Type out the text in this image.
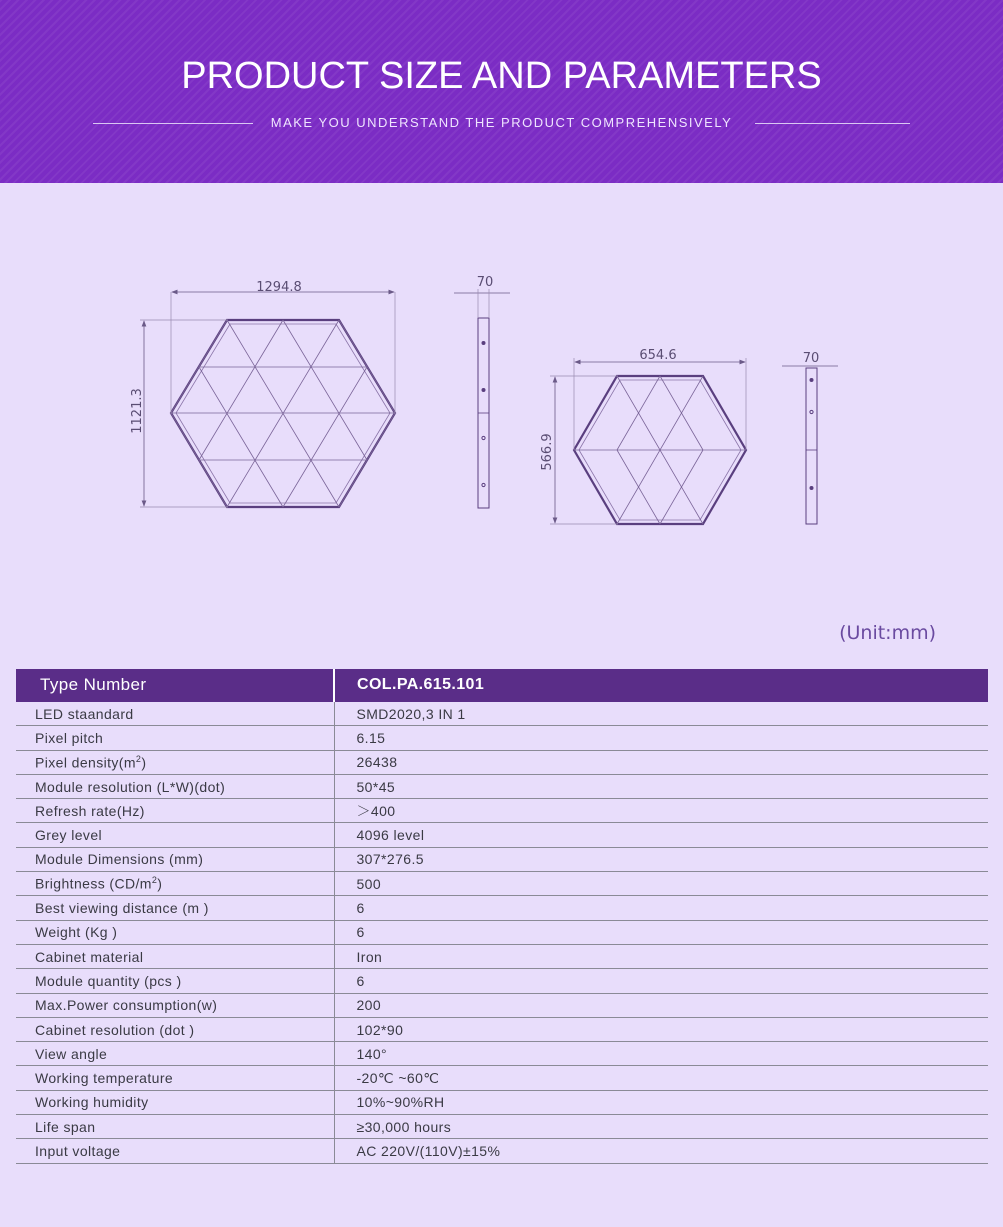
PRODUCT SIZE AND PARAMETERS
MAKE YOU UNDERSTAND THE PRODUCT COMPREHENSIVELY
1294.8
1121.3
70
654.6
566.9
70
(Unit:mm)
Type Number	COL.PA.615.101
LED staandard	SMD2020,3 IN 1
Pixel pitch	6.15
Pixel $density(m^2)$	26438
Module resolution (L*W)(dot)	50*45
Refresh rate(Hz)	＞400
Grey level	4096 level
Module Dimensions (mm)	307*276.5
Brightness $(CD/m^2)$	500
Best viewing distance (m )	6
Weight (Kg )	6
Cabinet material	Iron
Module quantity (pcs )	6
Max.Power consumption(w)	200
Cabinet resolution (dot )	102*90
View angle	140°
Working temperature	-20℃ ~60℃
Working humidity	10%~90%RH
Life span	≥30,000 hours
Input voltage	AC 220V/(110V)±15%
